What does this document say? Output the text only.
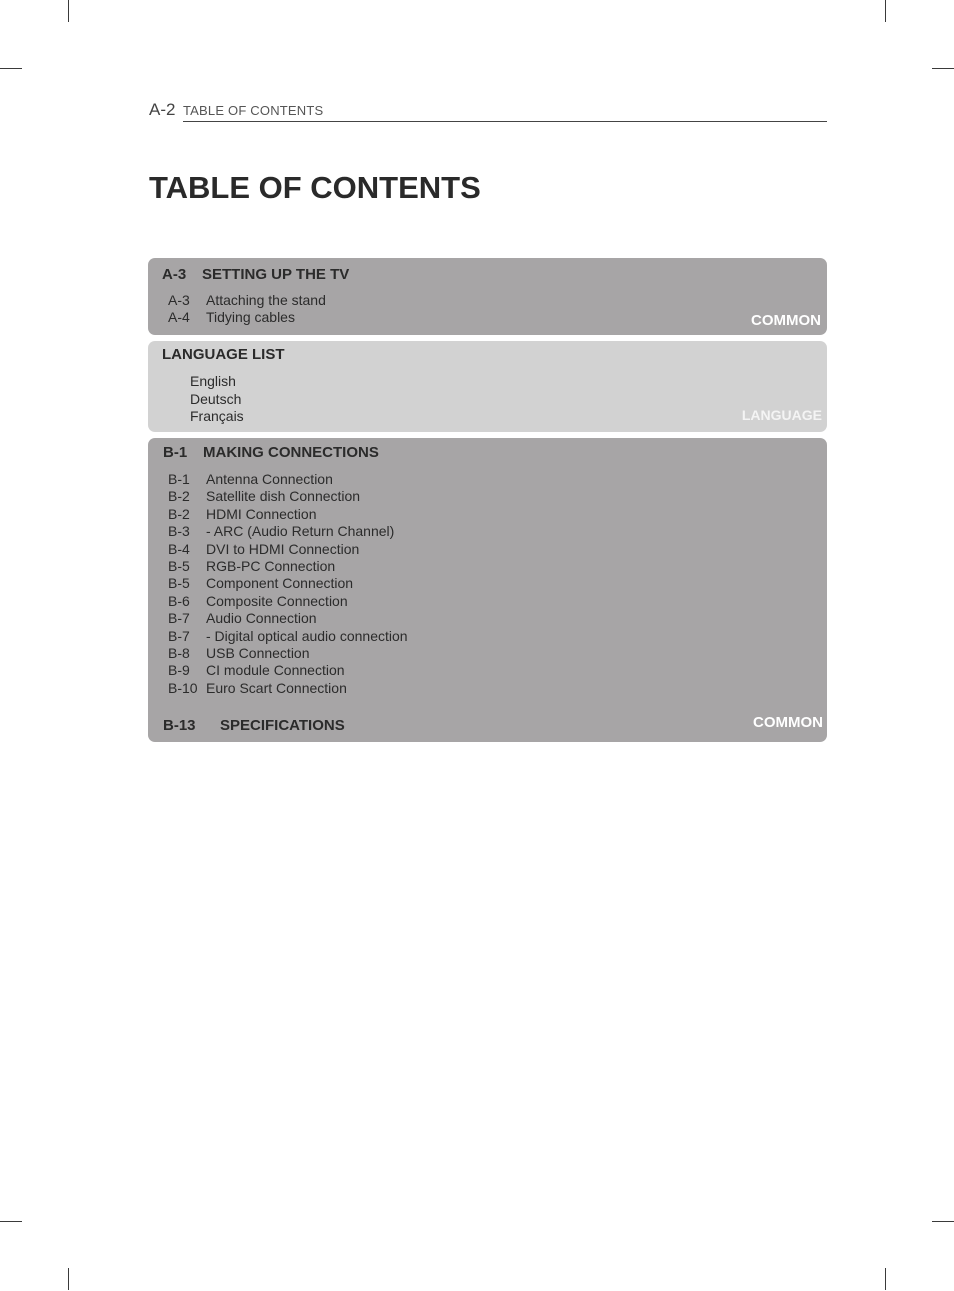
A-2 TABLE OF CONTENTS
TABLE OF CONTENTS
A-3 SETTING UP THE TV
A-3 Attaching the stand
A-4 Tidying cables	COMMON
LANGUAGE LIST
English
Deutsch
Français	LANGUAGE
B-1 MAKING CONNECTIONS
B-1 Antenna Connection
B-2 Satellite dish Connection
B-2 HDMI Connection
B-3 - ARC (Audio Return Channel)
B-4 DVI to HDMI Connection
B-5 RGB-PC Connection
B-5 Component Connection
B-6 Composite Connection
B-7 Audio Connection
B-7 - Digital optical audio connection
B-8 USB Connection
B-9 CI module Connection
B-10 Euro Scart Connection
B-13 SPECIFICATIONS	COMMON
